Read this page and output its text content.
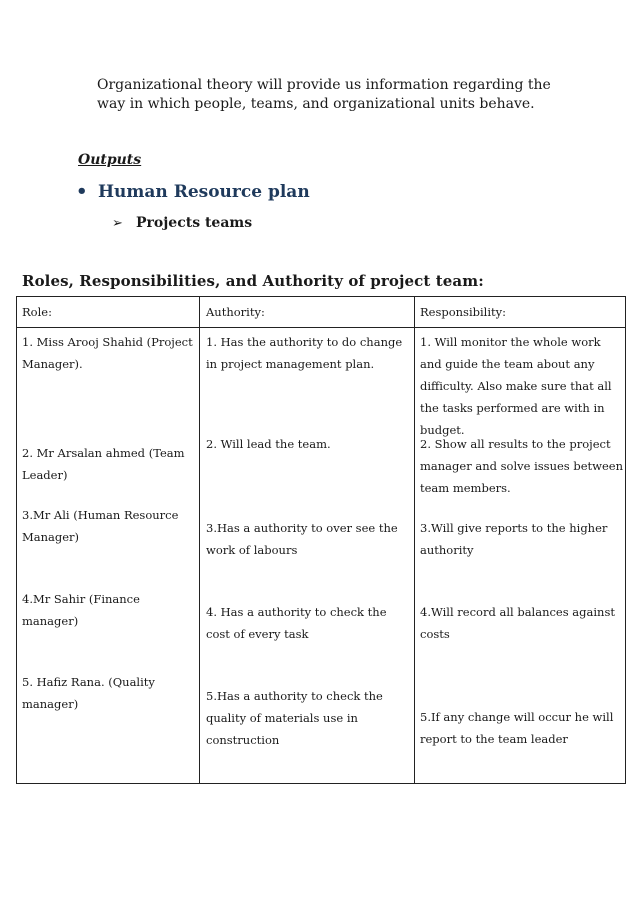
Organizational theory will provide us information regarding the
way in which people, teams, and organizational units behave.
Outputs
• Human Resource plan
➢ Projects teams
Roles, Responsibilities, and Authority of project team:
Role:	Authority:	Responsibility:
1. Miss Arooj Shahid (Project
Manager).
2. Mr Arsalan ahmed (Team
Leader)
3.Mr Ali (Human Resource
Manager)
4.Mr Sahir (Finance
manager)
5. Hafiz Rana. (Quality
manager)
1. Has the authority to do change
in project management plan.
2. Will lead the team.
3.Has a authority to over see the
work of labours
4. Has a authority to check the
cost of every task
5.Has a authority to check the
quality of materials use in
construction
1. Will monitor the whole work
and guide the team about any
difficulty. Also make sure that all
the tasks performed are with in
budget.
2. Show all results to the project
manager and solve issues between
team members.
3.Will give reports to the higher
authority
4.Will record all balances against
costs
5.If any change will occur he will
report to the team leader
